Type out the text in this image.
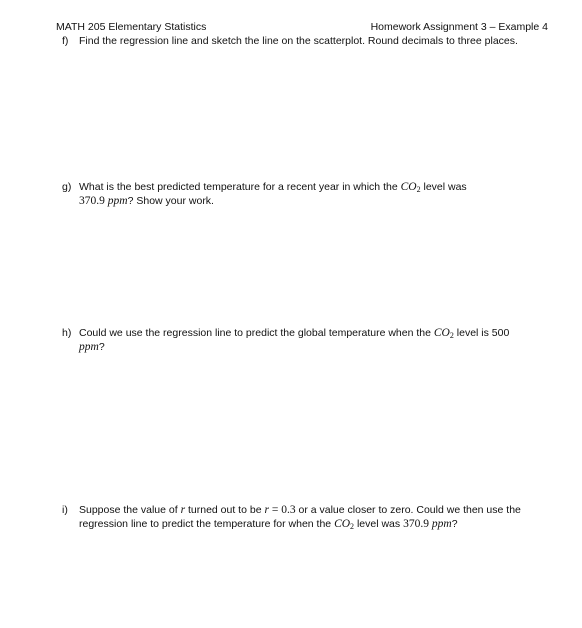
MATH 205 Elementary Statistics	Homework Assignment 3 – Example 4
f)	Find the regression line and sketch the line on the scatterplot. Round decimals to three places.
g) What is the best predicted temperature for a recent year in which the $CO_2$ level was
370.9 ppm? Show your work.
h) Could we use the regression line to predict the global temperature when the $CO_2$ level is 500
ppm?
i)	Suppose the value of r turned out to be r = 0.3 or a value closer to zero. Could we then use the regression line to predict the temperature for when the $CO_2$ level was 370.9 ppm?
